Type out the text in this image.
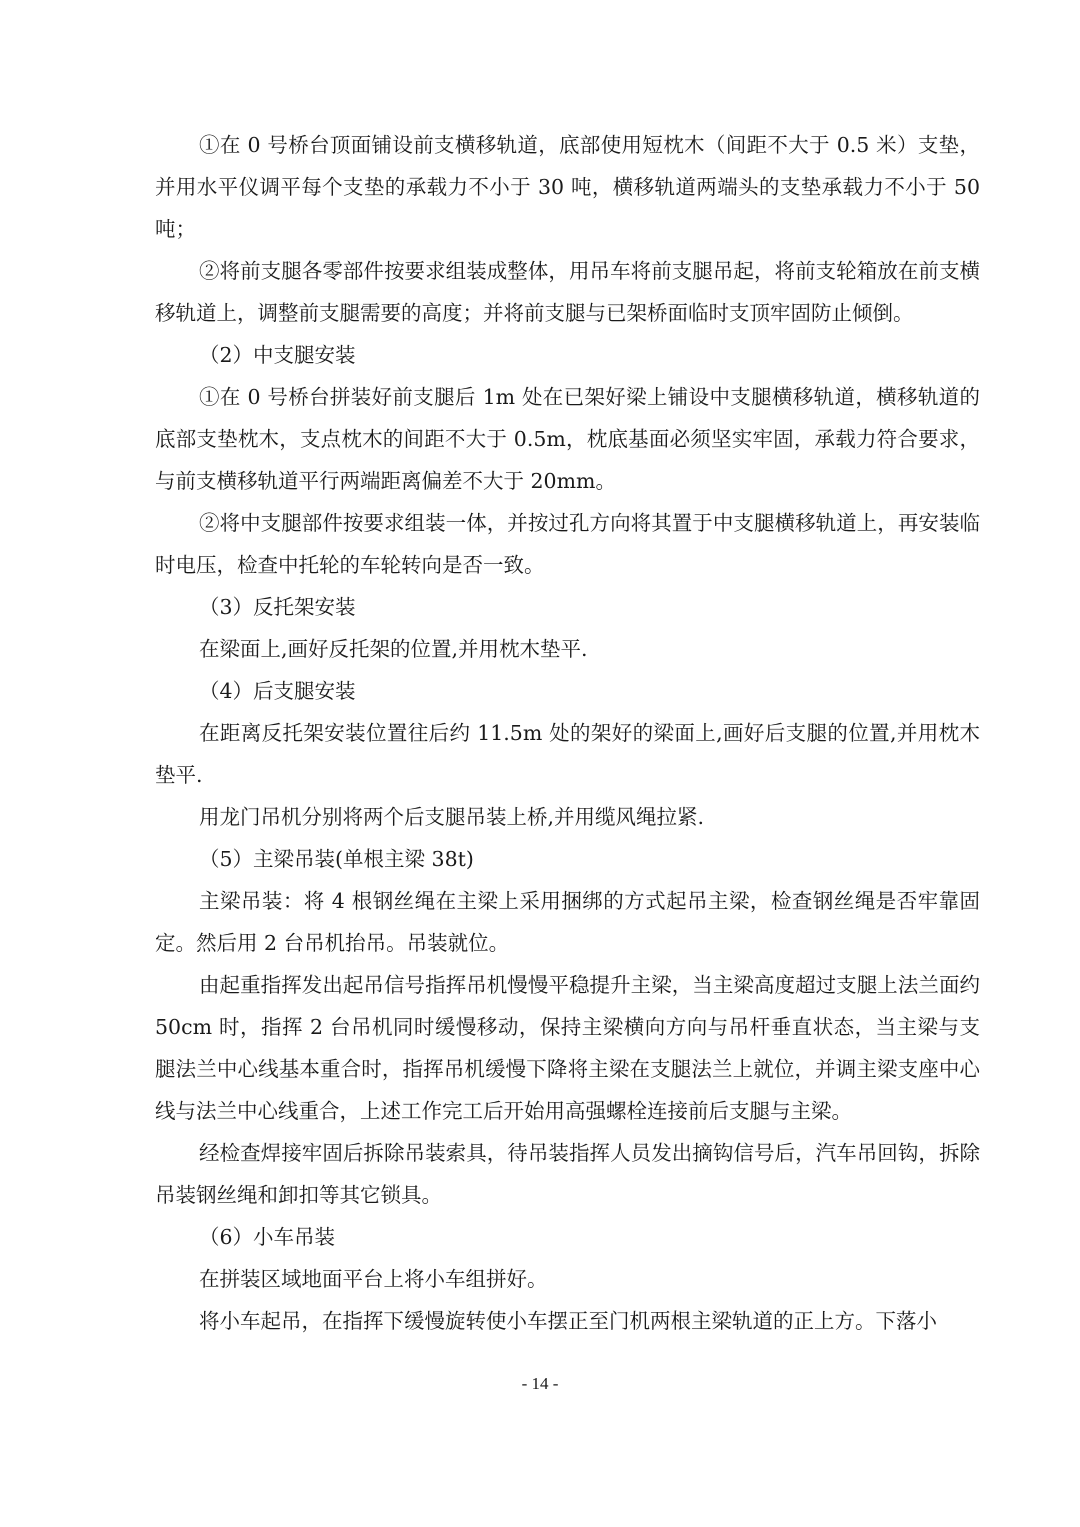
①在 0 号桥台顶面铺设前支横移轨道，底部使用短枕木（间距不大于 0.5 米）支垫，并用水平仪调平每个支垫的承载力不小于 30 吨，横移轨道两端头的支垫承载力不小于 50 吨；

②将前支腿各零部件按要求组装成整体，用吊车将前支腿吊起，将前支轮箱放在前支横移轨道上，调整前支腿需要的高度；并将前支腿与已架桥面临时支顶牢固防止倾倒。

（2）中支腿安装

①在 0 号桥台拼装好前支腿后 1m 处在已架好梁上铺设中支腿横移轨道，横移轨道的底部支垫枕木，支点枕木的间距不大于 0.5m，枕底基面必须坚实牢固，承载力符合要求，与前支横移轨道平行两端距离偏差不大于 20mm。

②将中支腿部件按要求组装一体，并按过孔方向将其置于中支腿横移轨道上，再安装临时电压，检查中托轮的车轮转向是否一致。

（3）反托架安装

在梁面上,画好反托架的位置,并用枕木垫平.

（4）后支腿安装

在距离反托架安装位置往后约 11.5m 处的架好的梁面上,画好后支腿的位置,并用枕木垫平.

用龙门吊机分别将两个后支腿吊装上桥,并用缆风绳拉紧.

（5）主梁吊装(单根主梁 38t)

主梁吊装：将 4 根钢丝绳在主梁上采用捆绑的方式起吊主梁，检查钢丝绳是否牢靠固定。然后用 2 台吊机抬吊。吊装就位。

由起重指挥发出起吊信号指挥吊机慢慢平稳提升主梁，当主梁高度超过支腿上法兰面约 50cm 时，指挥 2 台吊机同时缓慢移动，保持主梁横向方向与吊杆垂直状态，当主梁与支腿法兰中心线基本重合时，指挥吊机缓慢下降将主梁在支腿法兰上就位，并调主梁支座中心线与法兰中心线重合，上述工作完工后开始用高强螺栓连接前后支腿与主梁。

经检查焊接牢固后拆除吊装索具，待吊装指挥人员发出摘钩信号后，汽车吊回钩，拆除吊装钢丝绳和卸扣等其它锁具。

（6）小车吊装

在拼装区域地面平台上将小车组拼好。

将小车起吊，在指挥下缓慢旋转使小车摆正至门机两根主梁轨道的正上方。下落小

- 14 -
